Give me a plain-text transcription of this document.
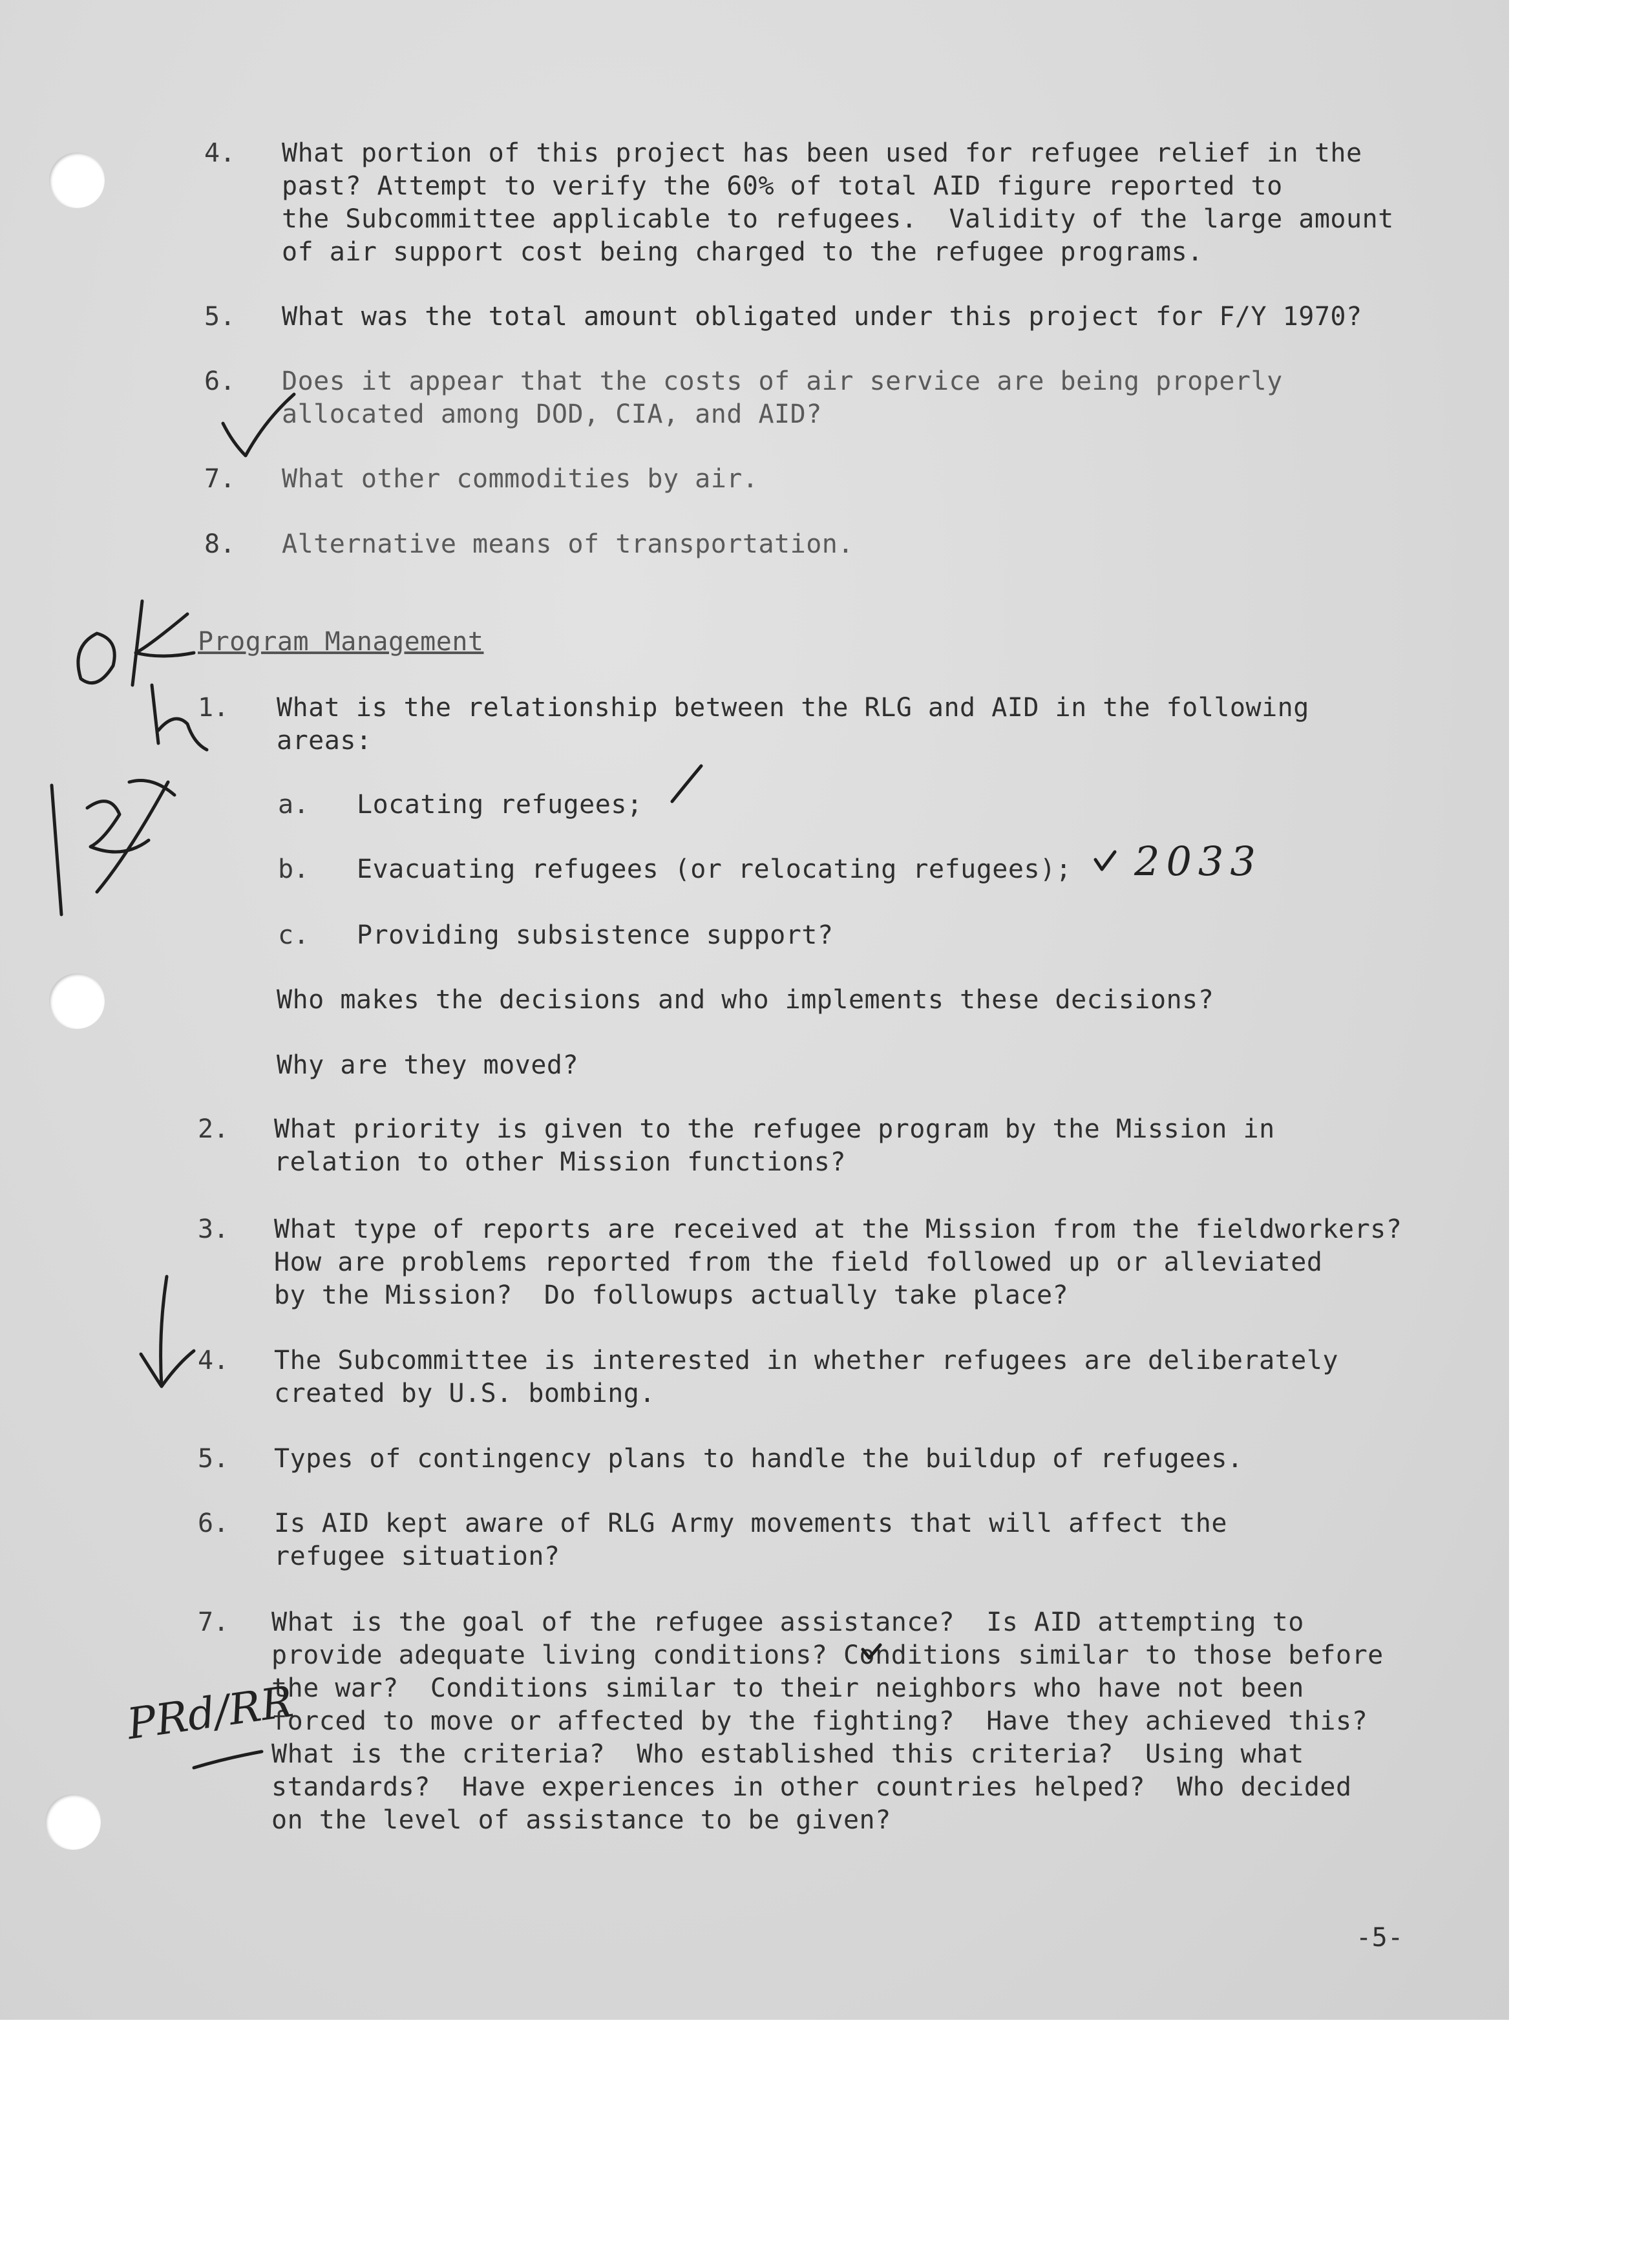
4. What portion of this project has been used for refugee relief in the
past? Attempt to verify the 60% of total AID figure reported to
the Subcommittee applicable to refugees.  Validity of the large amount
of air support cost being charged to the refugee programs.
5. What was the total amount obligated under this project for F/Y 1970?
6. Does it appear that the costs of air service are being properly
allocated among DOD, CIA, and AID?
7. What other commodities by air.
8. Alternative means of transportation.
Program Management
1. What is the relationship between the RLG and AID in the following
areas:
a. Locating refugees;
b. Evacuating refugees (or relocating refugees);
c. Providing subsistence support?
Who makes the decisions and who implements these decisions?
Why are they moved?
2. What priority is given to the refugee program by the Mission in
relation to other Mission functions?
3. What type of reports are received at the Mission from the fieldworkers?
How are problems reported from the field followed up or alleviated
by the Mission?  Do followups actually take place?
4. The Subcommittee is interested in whether refugees are deliberately
created by U.S. bombing.
5. Types of contingency plans to handle the buildup of refugees.
6. Is AID kept aware of RLG Army movements that will affect the
refugee situation?
7. What is the goal of the refugee assistance?  Is AID attempting to
provide adequate living conditions? Conditions similar to those before
the war?  Conditions similar to their neighbors who have not been
forced to move or affected by the fighting?  Have they achieved this?
What is the criteria?  Who established this criteria?  Using what
standards?  Have experiences in other countries helped?  Who decided
on the level of assistance to be given?
-5-
2033
PRd/RR
